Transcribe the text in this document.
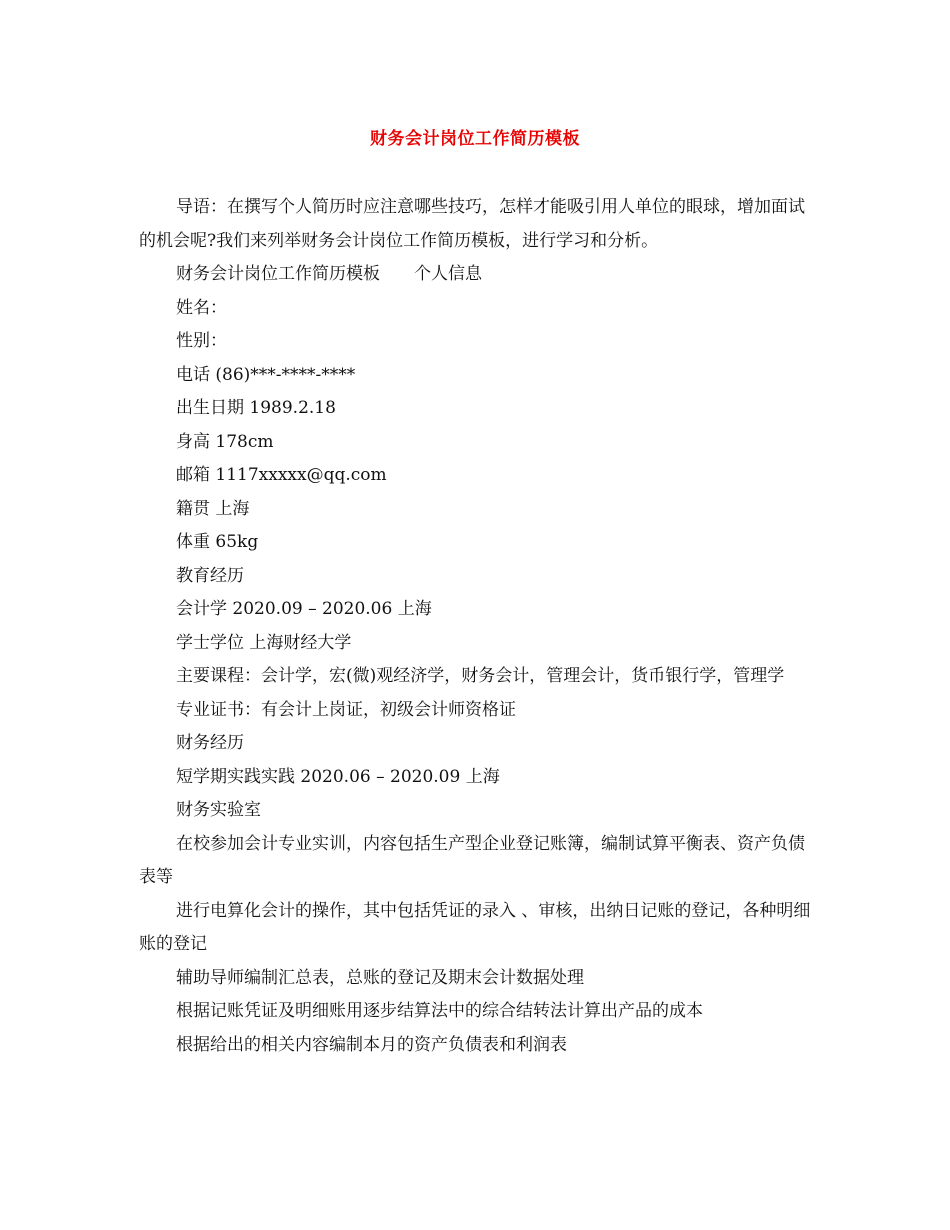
财务会计岗位工作简历模板

导语：在撰写个人简历时应注意哪些技巧，怎样才能吸引用人单位的眼球，增加面试的机会呢?我们来列举财务会计岗位工作简历模板，进行学习和分析。

财务会计岗位工作简历模板　　个人信息

姓名：

性别：

电话 (86)***-****-****

出生日期 1989.2.18

身高 178cm

邮箱 1117xxxxx@qq.com

籍贯 上海

体重 65kg

教育经历

会计学 2020.09 – 2020.06 上海

学士学位 上海财经大学

主要课程：会计学，宏(微)观经济学，财务会计，管理会计，货币银行学，管理学

专业证书：有会计上岗证，初级会计师资格证

财务经历

短学期实践实践 2020.06 – 2020.09 上海

财务实验室

在校参加会计专业实训，内容包括生产型企业登记账簿，编制试算平衡表、资产负债表等

进行电算化会计的操作，其中包括凭证的录入 、审核，出纳日记账的登记，各种明细账的登记

辅助导师编制汇总表，总账的登记及期末会计数据处理

根据记账凭证及明细账用逐步结算法中的综合结转法计算出产品的成本

根据给出的相关内容编制本月的资产负债表和利润表
